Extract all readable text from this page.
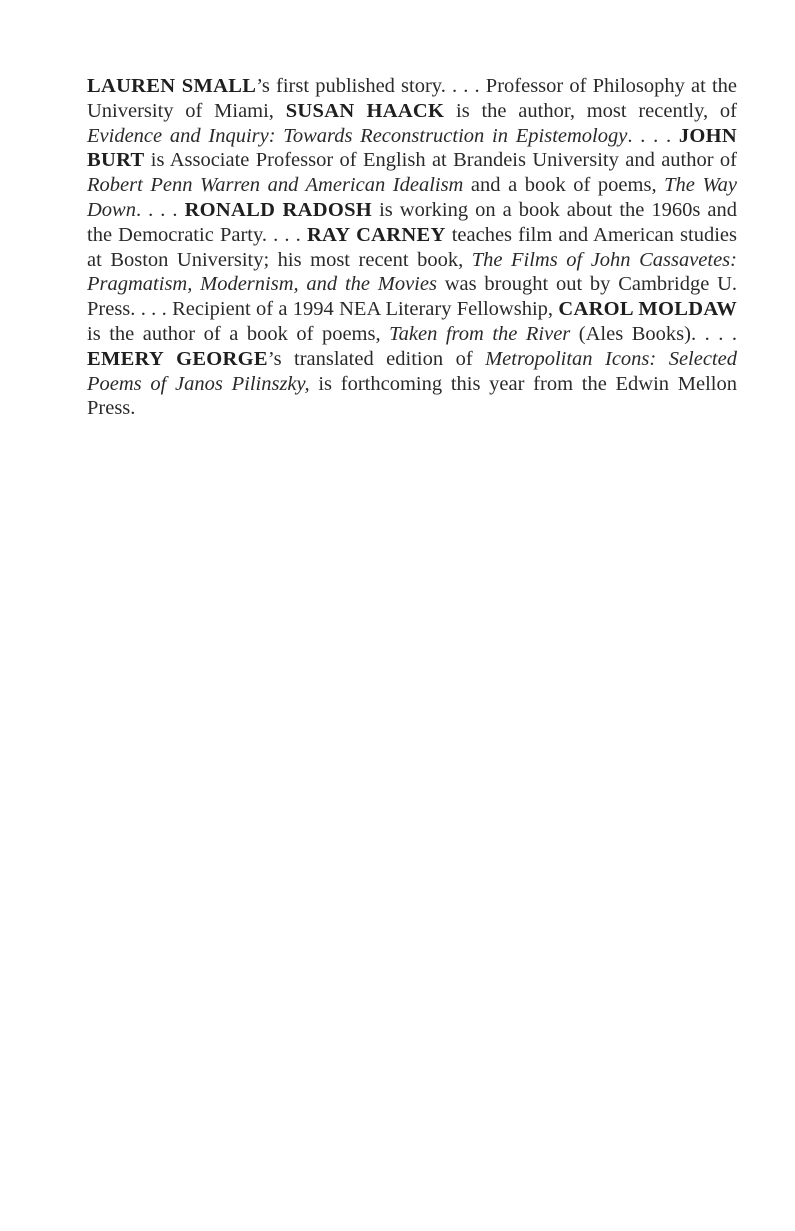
LAUREN SMALL’s first published story. . . . Professor of Philosophy at the University of Miami, SUSAN HAACK is the author, most recently, of Evidence and Inquiry: Towards Reconstruction in Epistemology. . . . JOHN BURT is Associate Professor of English at Brandeis University and author of Robert Penn Warren and American Idealism and a book of poems, The Way Down. . . . RONALD RADOSH is working on a book about the 1960s and the Democratic Party. . . . RAY CARNEY teaches film and American studies at Boston University; his most recent book, The Films of John Cassavetes: Pragmatism, Modernism, and the Movies was brought out by Cambridge U. Press. . . . Recipient of a 1994 NEA Literary Fellowship, CAROL MOLDAW is the author of a book of poems, Taken from the River (Ales Books). . . . EMERY GEORGE’s translated edition of Metropolitan Icons: Selected Poems of Janos Pilinszky, is forthcoming this year from the Edwin Mellon Press.
